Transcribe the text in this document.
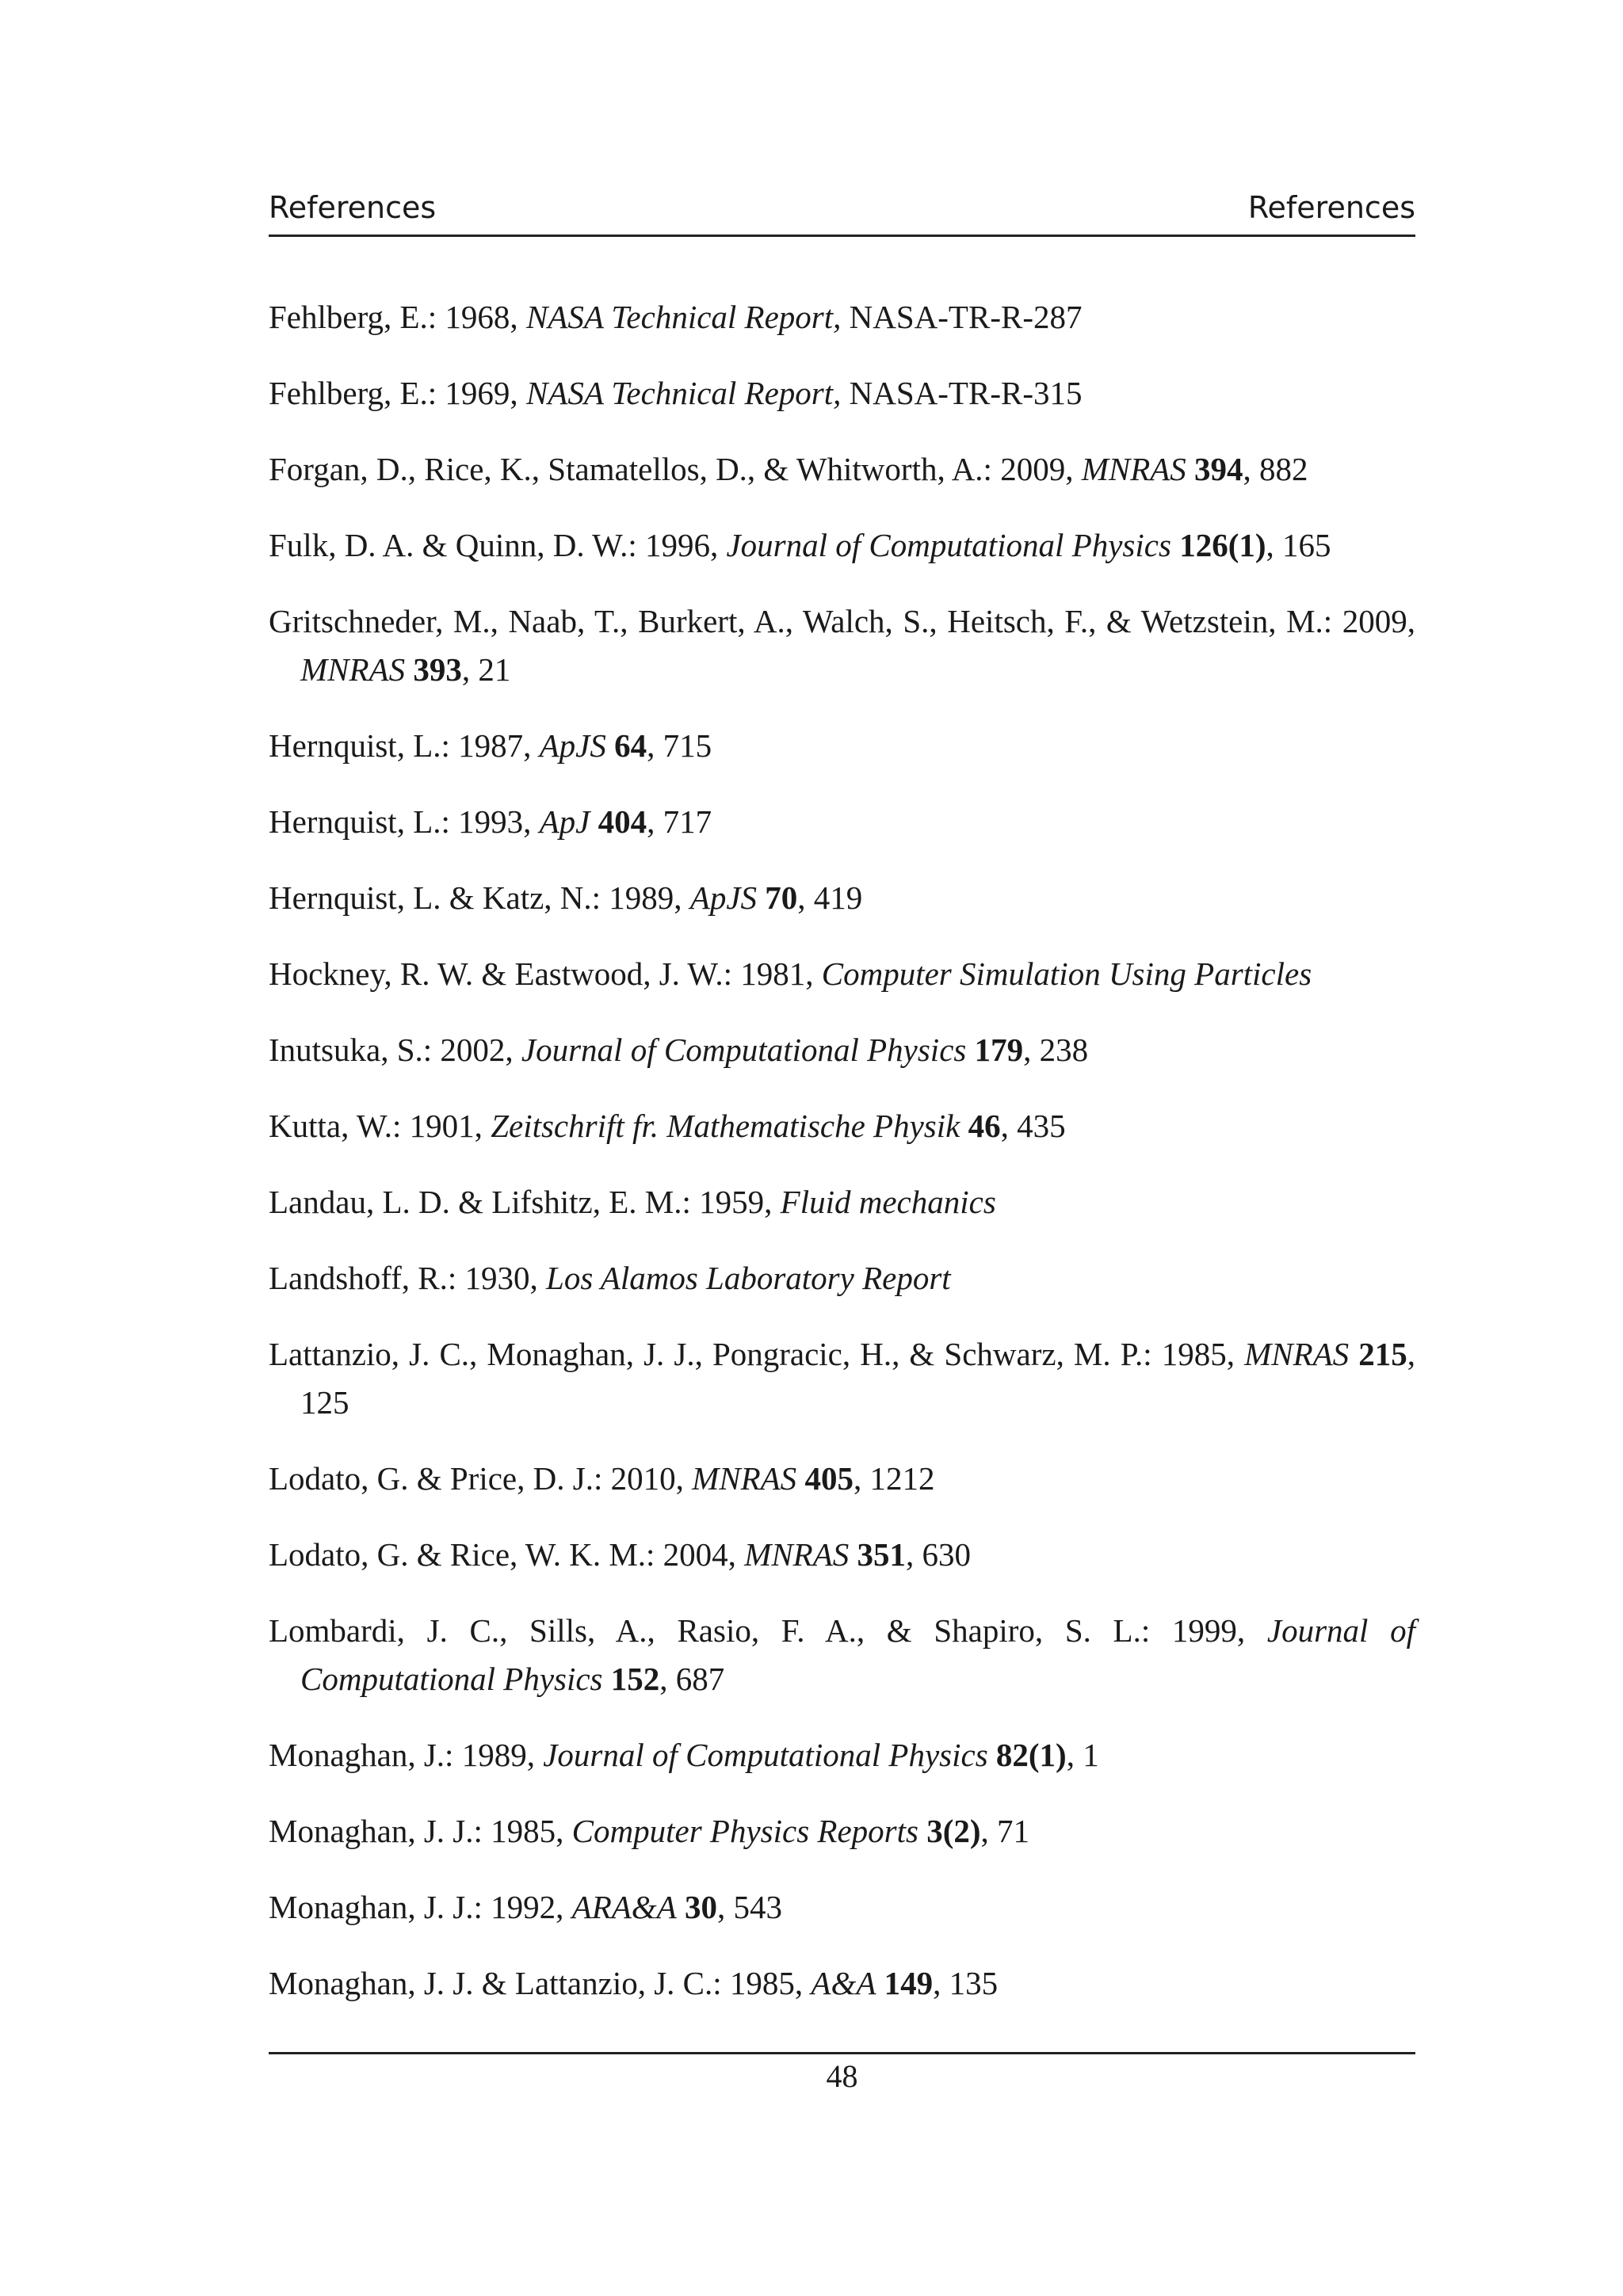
References	References

Fehlberg, E.: 1968, NASA Technical Report, NASA-TR-R-287

Fehlberg, E.: 1969, NASA Technical Report, NASA-TR-R-315

Forgan, D., Rice, K., Stamatellos, D., & Whitworth, A.: 2009, MNRAS 394, 882

Fulk, D. A. & Quinn, D. W.: 1996, Journal of Computational Physics 126(1), 165

Gritschneder, M., Naab, T., Burkert, A., Walch, S., Heitsch, F., & Wetzstein, M.: 2009, MNRAS 393, 21

Hernquist, L.: 1987, ApJS 64, 715

Hernquist, L.: 1993, ApJ 404, 717

Hernquist, L. & Katz, N.: 1989, ApJS 70, 419

Hockney, R. W. & Eastwood, J. W.: 1981, Computer Simulation Using Particles

Inutsuka, S.: 2002, Journal of Computational Physics 179, 238

Kutta, W.: 1901, Zeitschrift fr. Mathematische Physik 46, 435

Landau, L. D. & Lifshitz, E. M.: 1959, Fluid mechanics

Landshoff, R.: 1930, Los Alamos Laboratory Report

Lattanzio, J. C., Monaghan, J. J., Pongracic, H., & Schwarz, M. P.: 1985, MNRAS 215, 125

Lodato, G. & Price, D. J.: 2010, MNRAS 405, 1212

Lodato, G. & Rice, W. K. M.: 2004, MNRAS 351, 630

Lombardi, J. C., Sills, A., Rasio, F. A., & Shapiro, S. L.: 1999, Journal of Computational Physics 152, 687

Monaghan, J.: 1989, Journal of Computational Physics 82(1), 1

Monaghan, J. J.: 1985, Computer Physics Reports 3(2), 71

Monaghan, J. J.: 1992, ARA&A 30, 543

Monaghan, J. J. & Lattanzio, J. C.: 1985, A&A 149, 135

48
